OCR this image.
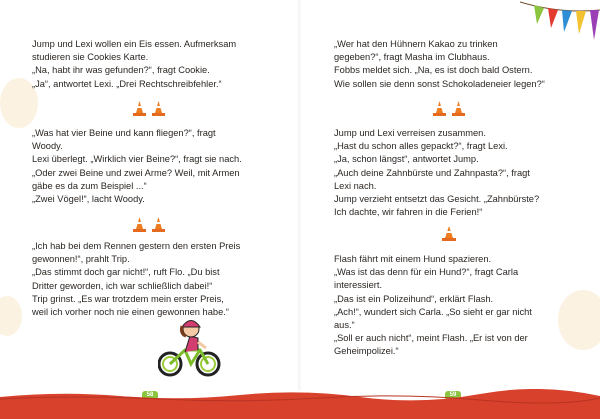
Jump und Lexi wollen ein Eis essen. Aufmerksam
studieren sie Cookies Karte.
„Na, habt ihr was gefunden?“, fragt Cookie.
„Ja“, antwortet Lexi. „Drei Rechtschreibfehler.“
„Was hat vier Beine und kann fliegen?“, fragt
Woody.
Lexi überlegt. „Wirklich vier Beine?“, fragt sie nach.
„Oder zwei Beine und zwei Arme? Weil, mit Armen
gäbe es da zum Beispiel ...“
„Zwei Vögel!“, lacht Woody.
„Ich hab bei dem Rennen gestern den ersten Preis
gewonnen!“, prahlt Trip.
„Das stimmt doch gar nicht!“, ruft Flo. „Du bist
Dritter geworden, ich war schließlich dabei!“
Trip grinst. „Es war trotzdem mein erster Preis,
weil ich vorher noch nie einen gewonnen habe.“
58
„Wer hat den Hühnern Kakao zu trinken
gegeben?“, fragt Masha im Clubhaus.
Fobbs meldet sich. „Na, es ist doch bald Ostern.
Wie sollen sie denn sonst Schokoladeneier legen?“
Jump und Lexi verreisen zusammen.
„Hast du schon alles gepackt?“, fragt Lexi.
„Ja, schon längst“, antwortet Jump.
„Auch deine Zahnbürste und Zahnpasta?“, fragt
Lexi nach.
Jump verzieht entsetzt das Gesicht. „Zahnbürste?
Ich dachte, wir fahren in die Ferien!“
Flash fährt mit einem Hund spazieren.
„Was ist das denn für ein Hund?“, fragt Carla
interessiert.
„Das ist ein Polizeihund“, erklärt Flash.
„Ach!“, wundert sich Carla. „So sieht er gar nicht
aus.“
„Soll er auch nicht“, meint Flash. „Er ist von der
Geheimpolizei.“
59
